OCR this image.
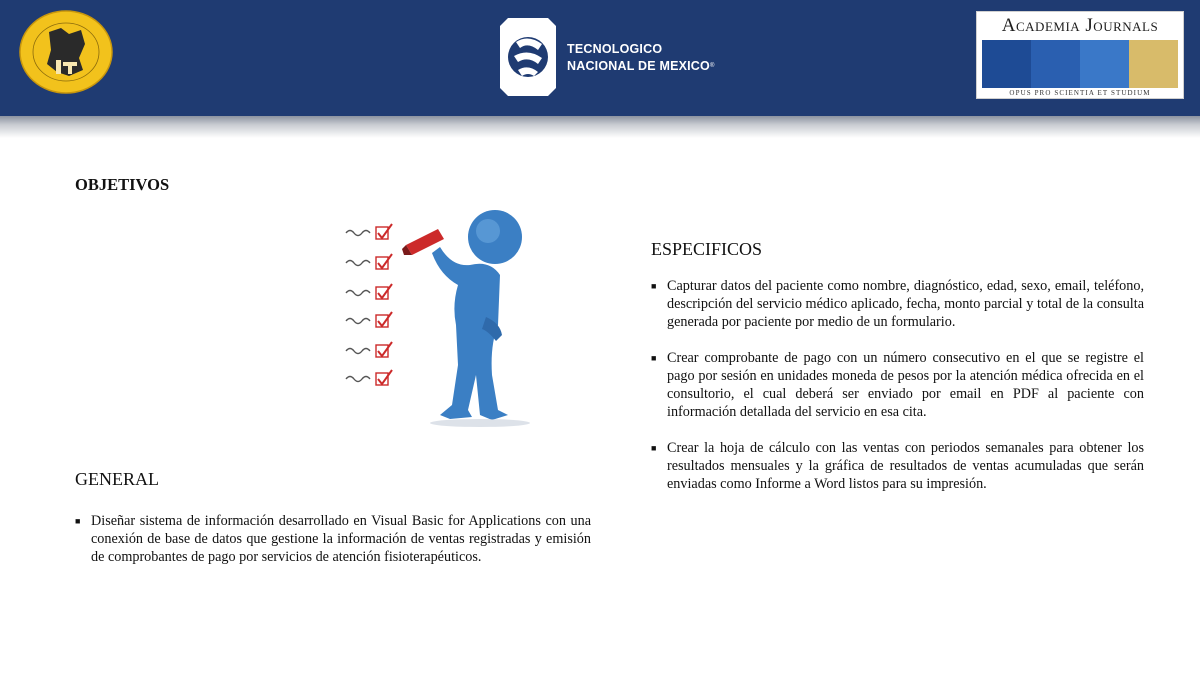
TECNOLOGICO
NACIONAL DE MEXICO®
Academia Journals
OPUS PRO SCIENTIA ET STUDIUM
OBJETIVOS
GENERAL
■ Diseñar sistema de información desarrollado en Visual Basic for Applications con una conexión de base de datos que gestione la información de ventas registradas y emisión de comprobantes de pago por servicios de atención fisioterapéuticos.
ESPECIFICOS
■ Capturar datos del paciente como nombre, diagnóstico, edad, sexo, email, teléfono, descripción del servicio médico aplicado, fecha, monto parcial y total de la consulta generada por paciente por medio de un formulario.
■ Crear comprobante de pago con un número consecutivo en el que se registre el pago por sesión en unidades moneda de pesos por la atención médica ofrecida en el consultorio, el cual deberá ser enviado por email en PDF al paciente con información detallada del servicio en esa cita.
■ Crear la hoja de cálculo con las ventas con periodos semanales para obtener los resultados mensuales y la gráfica de resultados de ventas acumuladas que serán enviadas como Informe a Word listos para su impresión.
